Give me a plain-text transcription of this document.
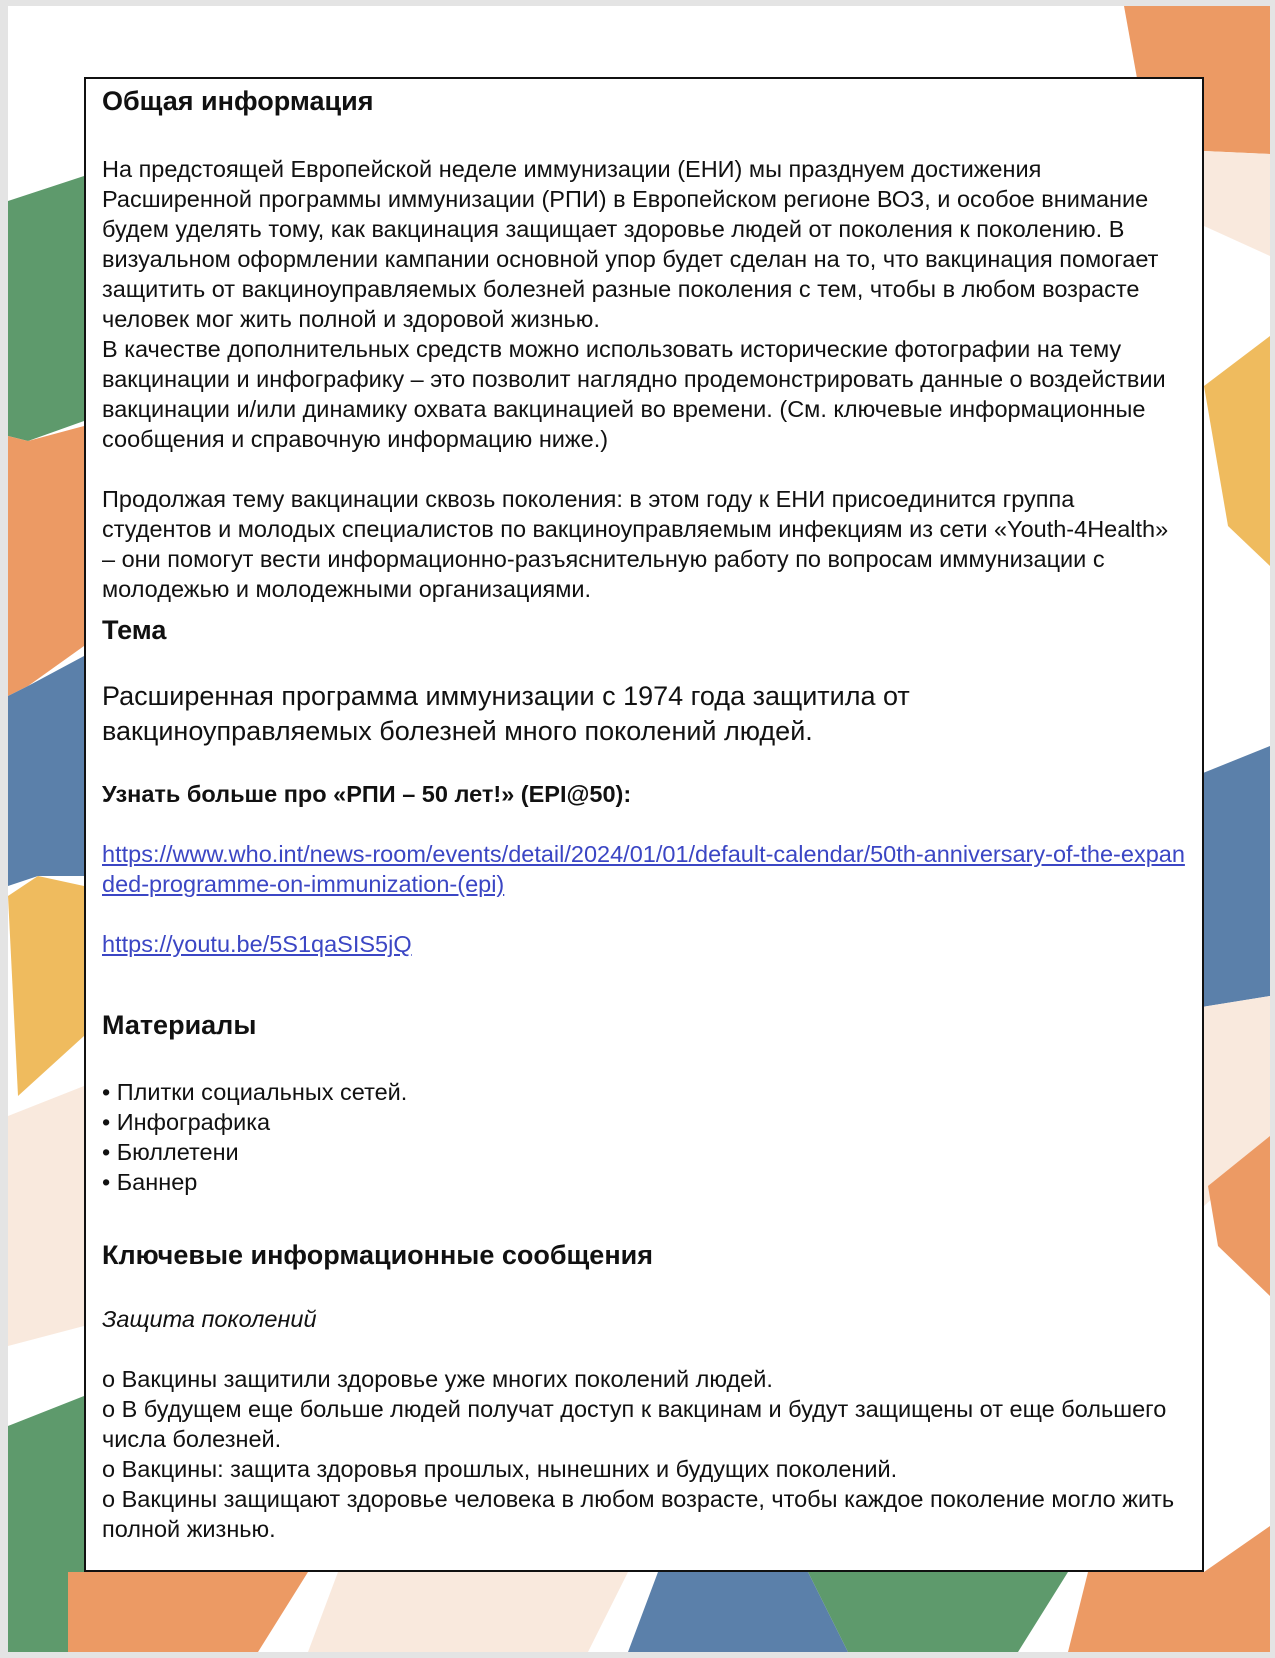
Общая информация

На предстоящей Европейской неделе иммунизации (ЕНИ) мы празднуем достижения Расширенной программы иммунизации (РПИ) в Европейском регионе ВОЗ, и особое внимание будем уделять тому, как вакцинация защищает здоровье людей от поколения к поколению. В визуальном оформлении кампании основной упор будет сделан на то, что вакцинация помогает защитить от вакциноуправляемых болезней разные поколения с тем, чтобы в любом возрасте человек мог жить полной и здоровой жизнью.

В качестве дополнительных средств можно использовать исторические фотографии на тему вакцинации и инфографику – это позволит наглядно продемонстрировать данные о воздействии вакцинации и/или динамику охвата вакцинацией во времени. (См. ключевые информационные сообщения и справочную информацию ниже.)

Продолжая тему вакцинации сквозь поколения: в этом году к ЕНИ присоединится группа студентов и молодых специалистов по вакциноуправляемым инфекциям из сети «Youth-4Health» – они помогут вести информационно-разъяснительную работу по вопросам иммунизации с молодежью и молодежными организациями.

Тема

Расширенная программа иммунизации с 1974 года защитила от вакциноуправляемых болезней много поколений людей.

Узнать больше про «РПИ – 50 лет!» (EPI@50):

https://www.who.int/news-room/events/detail/2024/01/01/default-calendar/50th-anniversary-of-the-expanded-programme-on-immunization-(epi)
https://youtu.be/5S1qaSIS5jQ
Материалы
• Плитки социальных сетей.
• Инфографика
• Бюллетени
• Баннер
Ключевые информационные сообщения

Защита поколений

o Вакцины защитили здоровье уже многих поколений людей.
o В будущем еще больше людей получат доступ к вакцинам и будут защищены от еще большего числа болезней.
o Вакцины: защита здоровья прошлых, нынешних и будущих поколений.
o Вакцины защищают здоровье человека в любом возрасте, чтобы каждое поколение могло жить полной жизнью.
